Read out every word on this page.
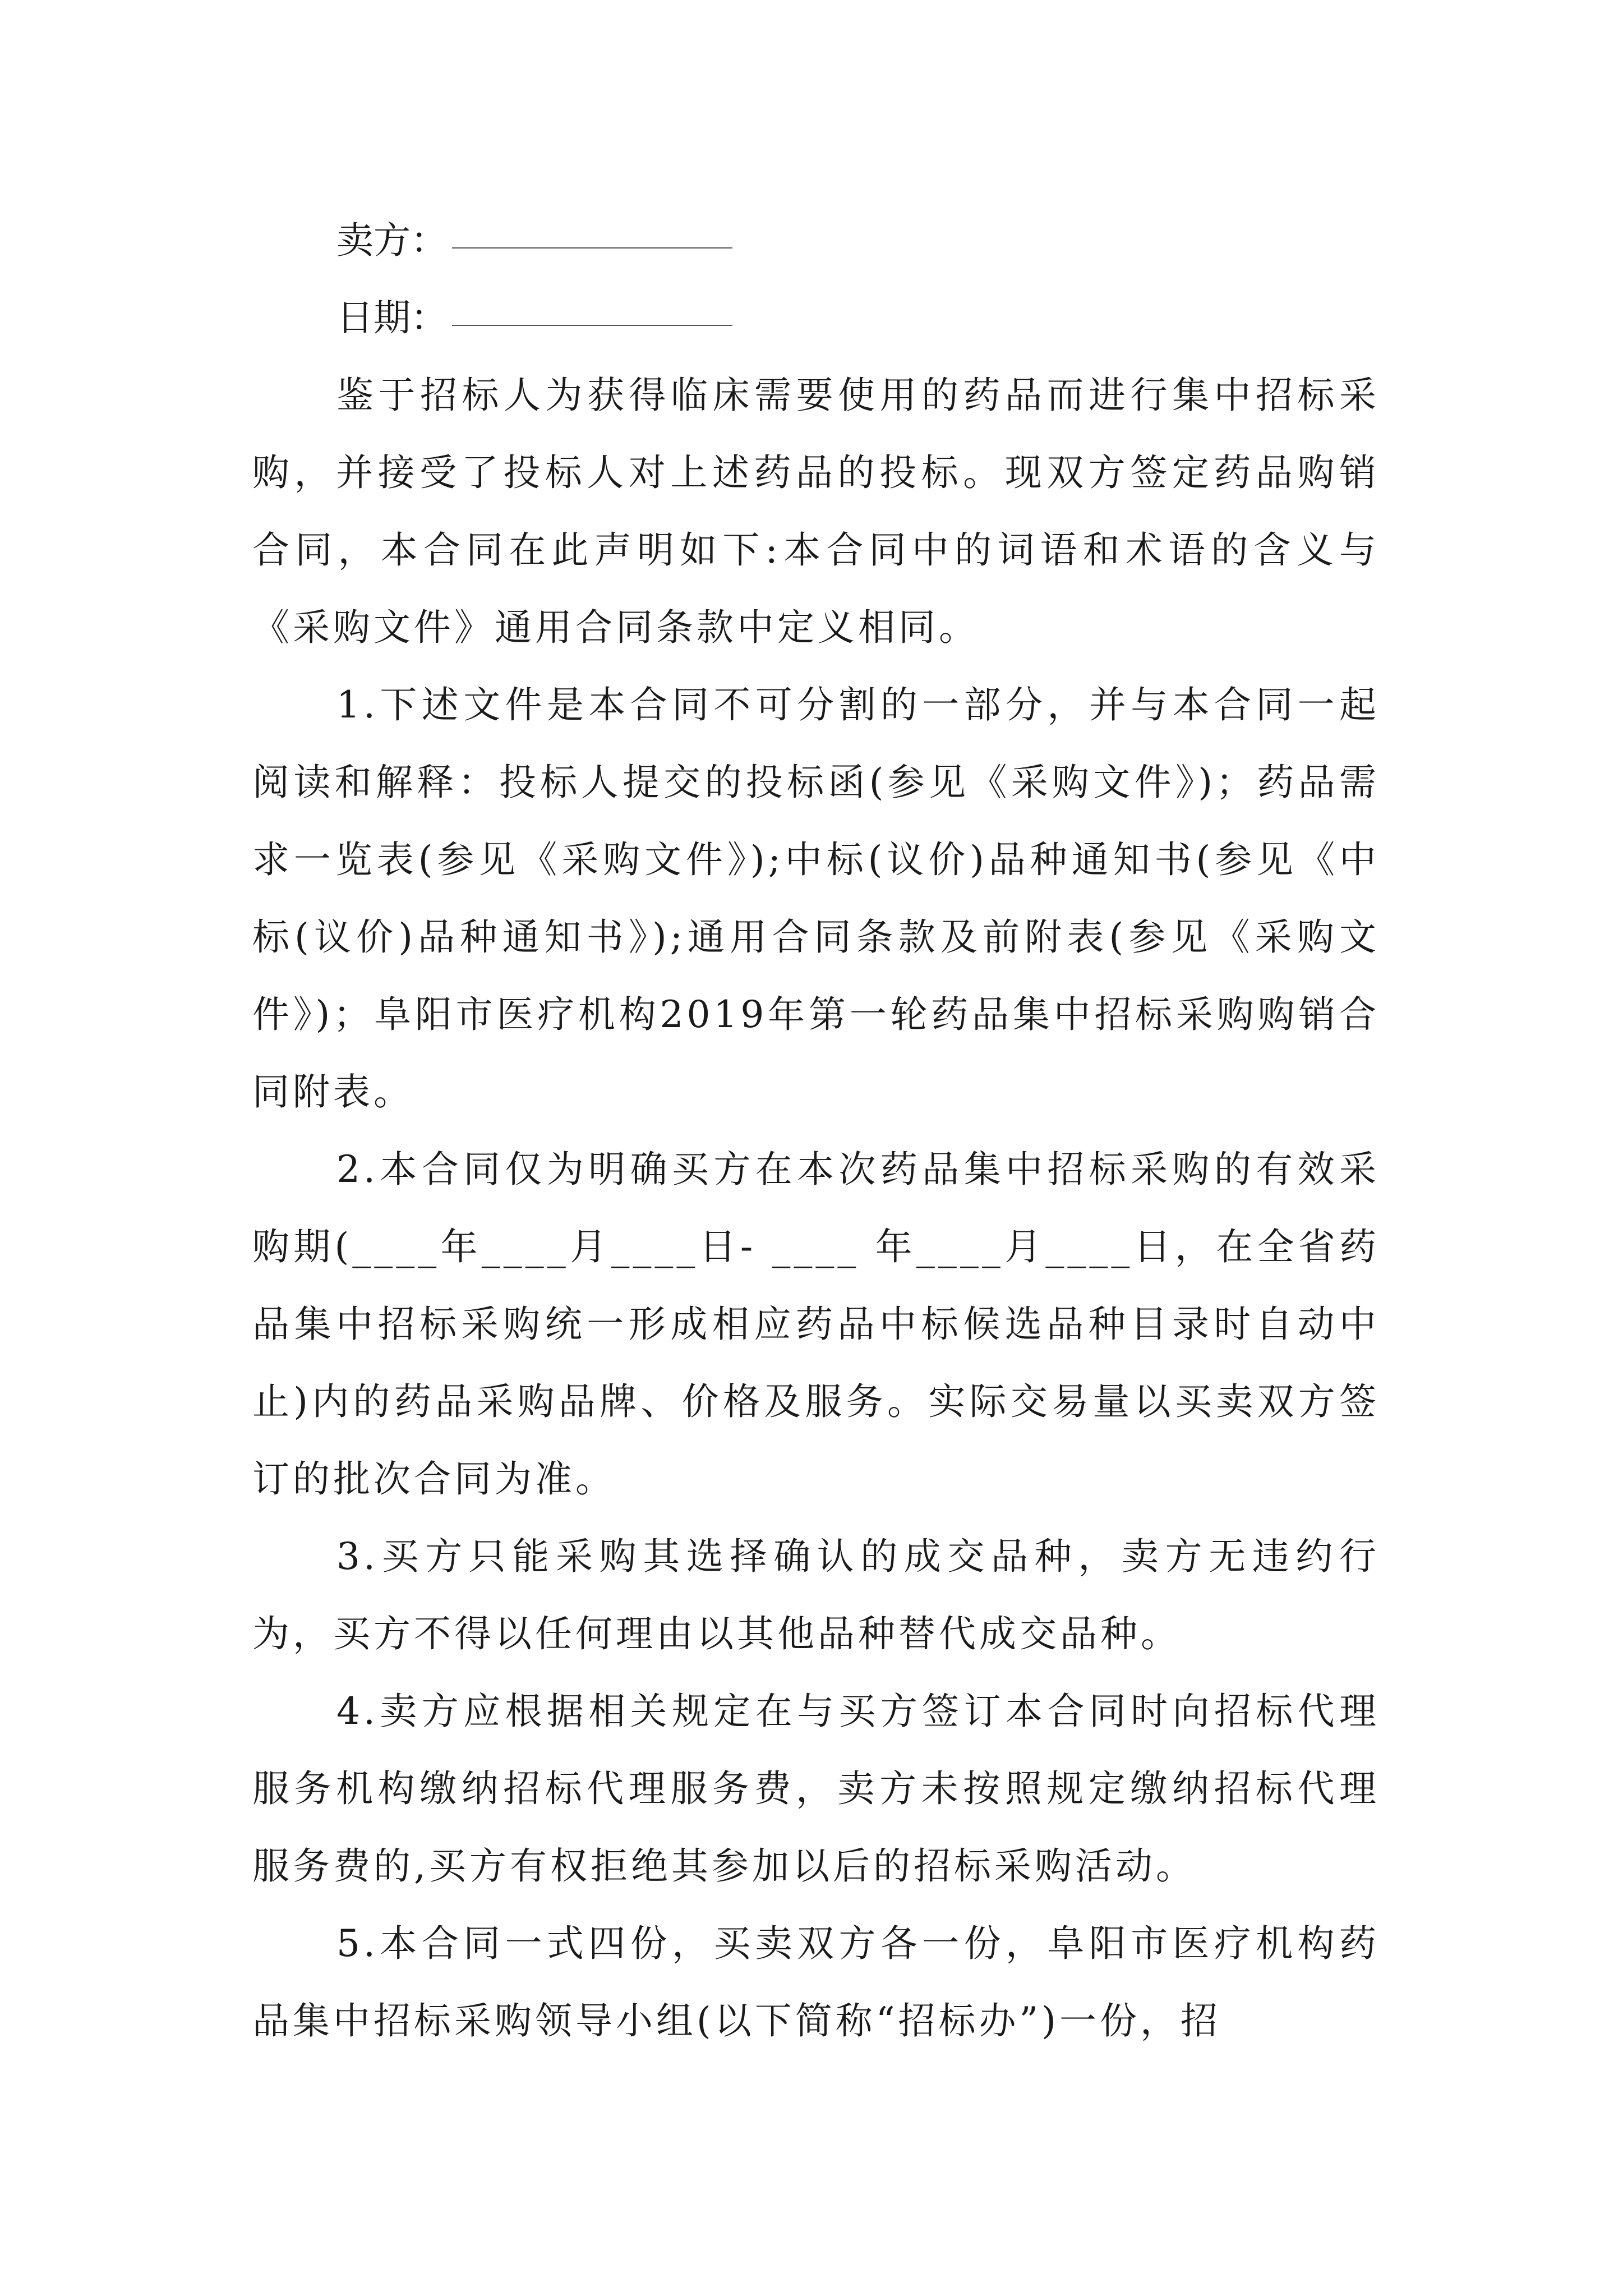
卖方：
日期：

鉴于招标人为获得临床需要使用的药品而进行集中招标采购，并接受了投标人对上述药品的投标。现双方签定药品购销合同，本合同在此声明如下:本合同中的词语和术语的含义与《采购文件》通用合同条款中定义相同。

1.下述文件是本合同不可分割的一部分，并与本合同一起阅读和解释：投标人提交的投标函(参见《采购文件》)；药品需求一览表(参见《采购文件》);中标(议价)品种通知书(参见《中标(议价)品种通知书》);通用合同条款及前附表(参见《采购文件》)；阜阳市医疗机构2019年第一轮药品集中招标采购购销合同附表。

2.本合同仅为明确买方在本次药品集中招标采购的有效采购期(____年____月____日- ____ 年____月____日，在全省药品集中招标采购统一形成相应药品中标候选品种目录时自动中止)内的药品采购品牌、价格及服务。实际交易量以买卖双方签订的批次合同为准。

3.买方只能采购其选择确认的成交品种，卖方无违约行为，买方不得以任何理由以其他品种替代成交品种。

4.卖方应根据相关规定在与买方签订本合同时向招标代理服务机构缴纳招标代理服务费，卖方未按照规定缴纳招标代理服务费的,买方有权拒绝其参加以后的招标采购活动。

5.本合同一式四份，买卖双方各一份，阜阳市医疗机构药品集中招标采购领导小组(以下简称“招标办”)一份，招
